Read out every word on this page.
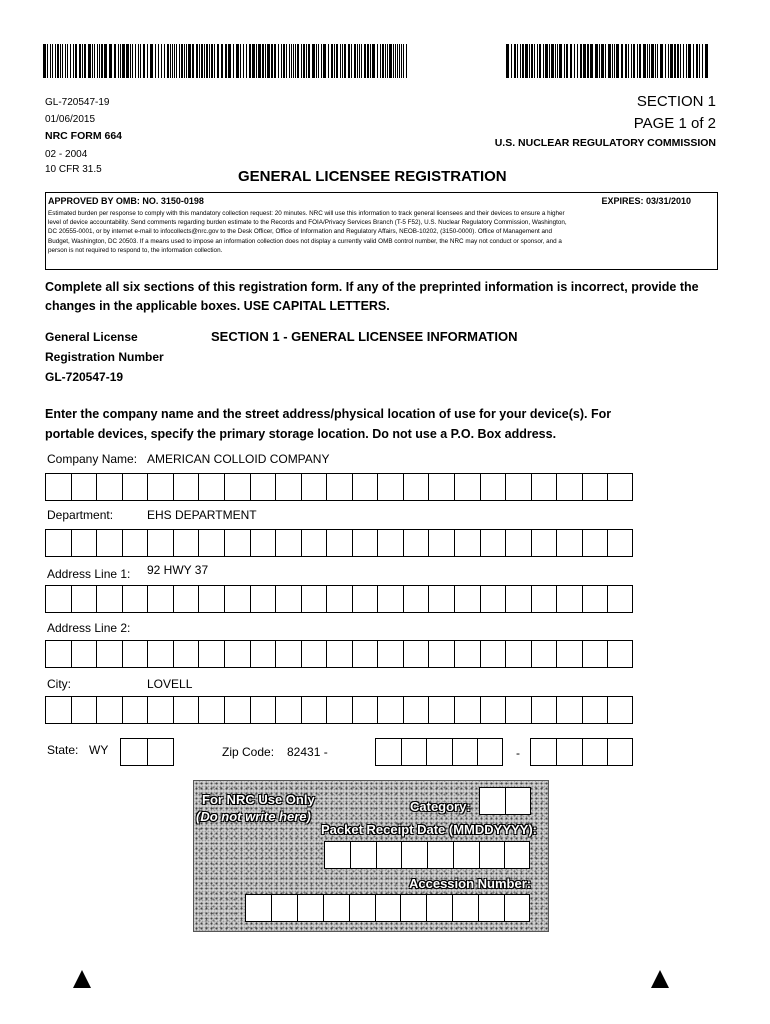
GL-720547-19
01/06/2015
NRC FORM 664
02 - 2004
10 CFR 31.5
SECTION 1
PAGE 1 of 2
U.S. NUCLEAR REGULATORY COMMISSION
GENERAL LICENSEE REGISTRATION
APPROVED BY OMB: NO. 3150-0198	EXPIRES: 03/31/2010
Estimated burden per response to comply with this mandatory collection request: 20 minutes. NRC will use this information to track general licensees and their devices to ensure a higher
level of device accountability. Send comments regarding burden estimate to the Records and FOIA/Privacy Services Branch (T-5 F52), U.S. Nuclear Regulatory Commission, Washington,
DC 20555-0001, or by internet e-mail to infocollects@nrc.gov to the Desk Officer, Office of Information and Regulatory Affairs, NEOB-10202, (3150-0000). Office of Management and
Budget, Washington, DC 20503. If a means used to impose an information collection does not display a currently valid OMB control number, the NRC may not conduct or sponsor, and a
person is not required to respond to, the information collection.
Complete all six sections of this registration form. If any of the preprinted information is incorrect, provide the
changes in the applicable boxes. USE CAPITAL LETTERS.
General License
Registration Number
GL-720547-19
SECTION 1 - GENERAL LICENSEE INFORMATION
Enter the company name and the street address/physical location of use for your device(s). For
portable devices, specify the primary storage location. Do not use a P.O. Box address.
Company Name: AMERICAN COLLOID COMPANY
Department:	EHS DEPARTMENT
Address Line 1: 92 HWY 37
Address Line 2:
City:	LOVELL
State: WY	Zip Code: 82431 -	-
For NRC Use Only
(Do not write here)
Category:
Packet Receipt Date (MMDDYYYY):
Accession Number:
